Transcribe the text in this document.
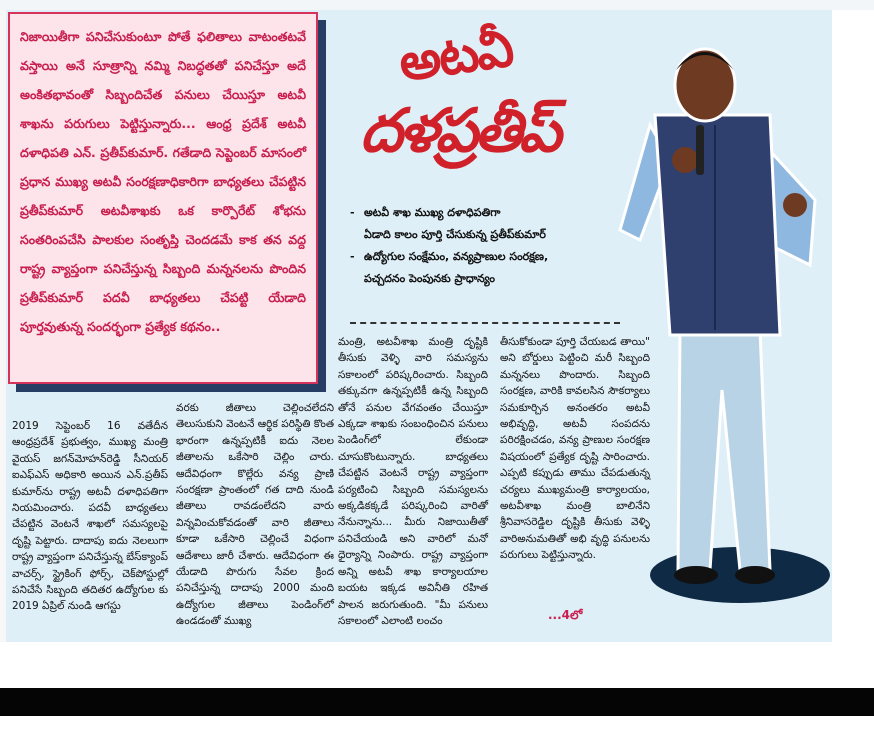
నిజాయితీగా పనిచేసుకుంటూ పోతే ఫలితాలు వాటంతటవే వస్తాయి అనే సూత్రాన్ని నమ్మి నిబద్ధతతో పనిచేస్తూ అదే అంకితభావంతో సిబ్బందిచేత పనులు చేయిస్తూ అటవీ శాఖను పరుగులు పెట్టిస్తున్నారు... ఆంధ్ర ప్రదేశ్ అటవీ దళాధిపతి ఎన్. ప్రతీప్‌కుమార్. గతేడాది సెప్టెంబర్ మాసంలో ప్రధాన ముఖ్య అటవీ సంరక్షణాధికారిగా బాధ్యతలు చేపట్టిన ప్రతీప్‌కుమార్ అటవీశాఖకు ఒక కార్పొరేట్ శోభను సంతరింపచేసి పాలకుల సంతృప్తి చెందడమే కాక తన వద్ద రాష్ట్ర వ్యాప్తంగా పనిచేస్తున్న సిబ్బంది మన్ననలను పొందిన ప్రతీప్‌కుమార్ పదవీ బాధ్యతలు చేపట్టి యేడాది పూర్తవుతున్న సందర్భంగా ప్రత్యేక కథనం..

అటవీ
దళప్రతీప్
- అటవీ శాఖ ముఖ్య దళాధిపతిగా
ఏడాది కాలం పూర్తి చేసుకున్న ప్రతీప్‌కుమార్
- ఉద్యోగుల సంక్షేమం, వన్యప్రాణుల సంరక్షణ,
పచ్చదనం పెంపునకు ప్రాధాన్యం
2019 సెప్టెంబర్ 16 వతేదీన ఆంధ్రప్రదేశ్ ప్రభుత్వం, ముఖ్య మంత్రి వైయస్ జగన్‌మోహన్‌రెడ్డి సీనియర్ ఐఎఫ్‌ఎస్ అధికారి అయిన ఎన్.ప్రతీప్ కుమార్‌ను రాష్ట్ర అటవీ దళాధిపతిగా నియమించారు. పదవీ బాధ్యతలు చేపట్టిన వెంటనే శాఖలో సమస్యలపై దృష్టి పెట్టారు. దాదాపు ఐదు నెలలుగా రాష్ట్ర వ్యాప్తంగా పనిచేస్తున్న బేస్‌క్యాంప్ వాచర్స్, స్ట్రైకింగ్ ఫోర్స్, చెక్‌పోస్టుల్లో పనిచేసే సిబ్బంది తదితర ఉద్యోగుల కు 2019 ఏప్రిల్ నుండి ఆగస్టు
వరకు జీతాలు చెల్లించలేదని తెలుసుకుని వెంటనే ఆర్థిక పరిస్థితి కొంత భారంగా ఉన్నప్పటికీ ఐదు నెలల జీతాలను ఒకేసారి చెల్లిం చారు. ఆదేవిధంగా కొల్లేరు వన్య ప్రాణి సంరక్షణా ప్రాంతంలో గత దాది నుండి జీతాలు రావడంలేదని వారు విన్నవించుకోవడంతో వారి జీతాలు కూడా ఒకేసారి చెల్లించే విధంగా ఆదేశాలు జారీ చేశారు. ఆదేవిధంగా ఈ యేడాది పొరుగు సేవల క్రింద పనిచేస్తున్న దాదాపు 2000 మంది ఉద్యోగుల జీతాలు పెండింగ్‌లో ఉండడంతో ముఖ్య
మంత్రి, అటవీశాఖ మంత్రి దృష్టికి తీసుకు వెళ్ళి వారి సమస్యను సకాలంలో పరిష్కరించారు. సిబ్బంది తక్కువగా ఉన్నప్పటికీ ఉన్న సిబ్బంది తోనే పనుల వేగవంతం చేయిస్తూ ఎక్కడా శాఖకు సంబంధించిన పనులు పెండింగ్‌లో లేకుండా చూసుకొంటున్నారు. బాధ్యతలు చేపట్టిన వెంటనే రాష్ట్ర వ్యాప్తంగా పర్యటించి సిబ్బంది సమస్యలను అక్కడికక్కడే పరిష్కరించి వారితో నేనున్నాను... మీరు నిజాయితీతో పనిచేయండి అని వారిలో మనో ధైర్యాన్ని నింపారు. రాష్ట్ర వ్యాప్తంగా అన్ని అటవీ శాఖ కార్యాలయాల బయట ఇక్కడ అవినీతి రహిత పాలన జరుగుతుంది. "మీ పనులు సకాలంలో ఎలాంటి లంచం
తీసుకోకుండా పూర్తి చేయబడ తాయి" అని బోర్డులు పెట్టించి మరీ సిబ్బంది మన్ననలు పొందారు. సిబ్బంది సంరక్షణ, వారికి కావలసిన సౌకర్యాలు సమకూర్చిన అనంతరం అటవీ అభివృద్ధి, అటవీ సంపదను పరిరక్షించడం, వన్య ప్రాణుల సంరక్షణ విషయంలో ప్రత్యేక దృష్టి సారించారు. ఎప్పటి కప్పుడు తాము చేపడుతున్న చర్యలు ముఖ్యమంత్రి కార్యాలయం, అటవీశాఖ మంత్రి బాలినేని శ్రీనివాసరెడ్డిల దృష్టికి తీసుకు వెళ్ళి వారిఅనుమతితో అభి వృద్ధి పనులను పరుగులు పెట్టిస్తున్నారు.
...4లో
